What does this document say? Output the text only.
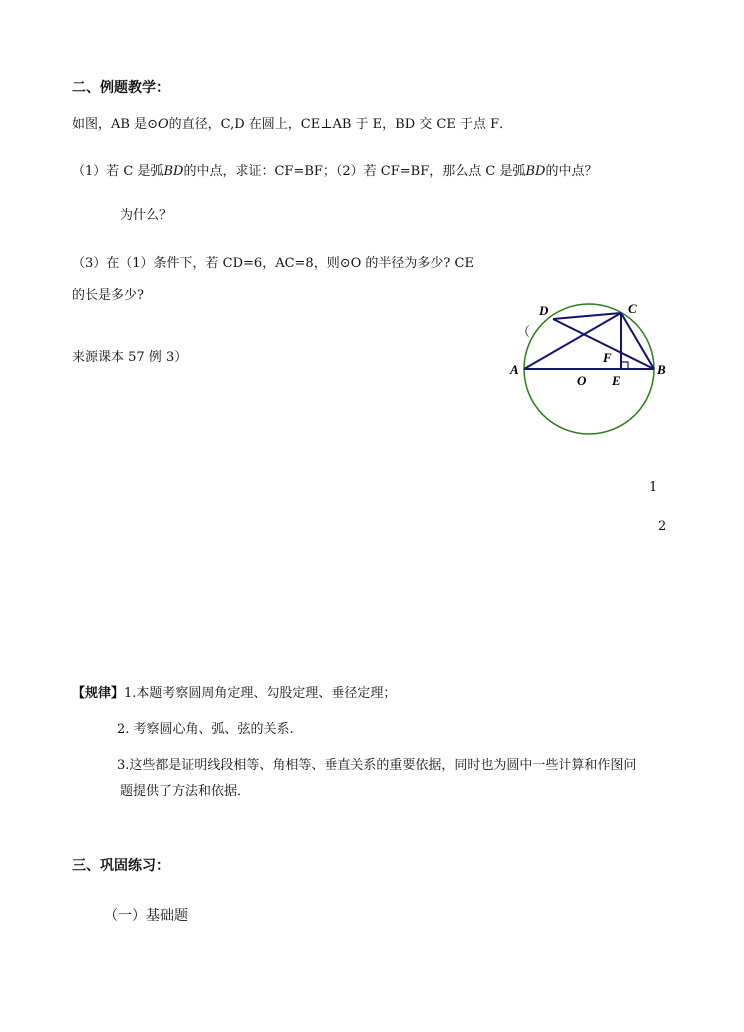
二、例题教学：
如图，AB 是⊙O的直径，C,D 在圆上，CE⊥AB 于 E，BD 交 CE 于点 F．
（1）若 C 是弧BD的中点，求证：CF=BF；（2）若 CF=BF，那么点 C 是弧BD的中点？
为什么？
（3）在（1）条件下，若 CD=6，AC=8，则⊙O 的半径为多少? CE
的长是多少?
来源课本 57 例 3）
（
A	B
C
D
E
F
O
1
2
【规律】1.本题考察圆周角定理、勾股定理、垂径定理；
2. 考察圆心角、弧、弦的关系.
3.这些都是证明线段相等、角相等、垂直关系的重要依据，同时也为圆中一些计算和作图问
题提供了方法和依据．
三、巩固练习：
（一）基础题
